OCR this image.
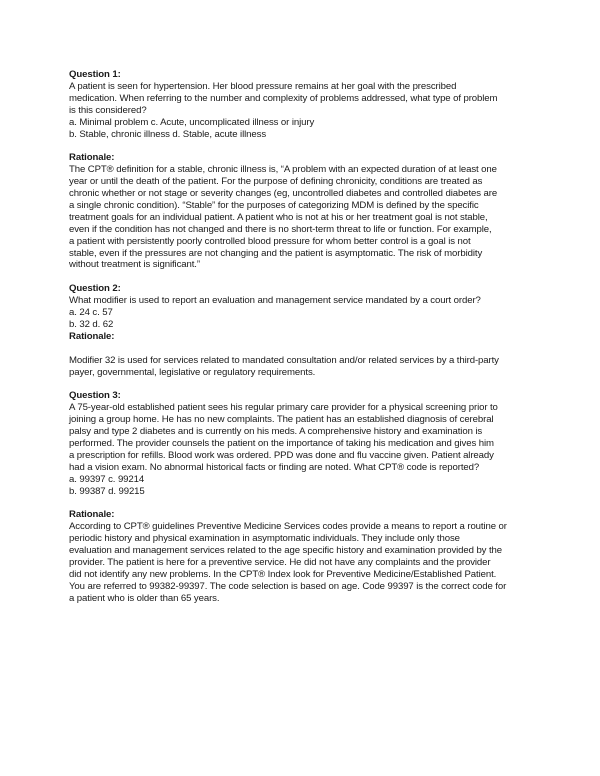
Question 1:

A patient is seen for hypertension. Her blood pressure remains at her goal with the prescribed

medication. When referring to the number and complexity of problems addressed, what type of problem

is this considered?

a. Minimal problem c. Acute, uncomplicated illness or injury

b. Stable, chronic illness d. Stable, acute illness

Rationale:

The CPT® definition for a stable, chronic illness is, “A problem with an expected duration of at least one

year or until the death of the patient. For the purpose of defining chronicity, conditions are treated as

chronic whether or not stage or severity changes (eg, uncontrolled diabetes and controlled diabetes are

a single chronic condition). “Stable” for the purposes of categorizing MDM is defined by the specific

treatment goals for an individual patient. A patient who is not at his or her treatment goal is not stable,

even if the condition has not changed and there is no short-term threat to life or function. For example,

a patient with persistently poorly controlled blood pressure for whom better control is a goal is not

stable, even if the pressures are not changing and the patient is asymptomatic. The risk of morbidity

without treatment is significant.”

Question 2:

What modifier is used to report an evaluation and management service mandated by a court order?

a. 24 c. 57

b. 32 d. 62

Rationale:

Modifier 32 is used for services related to mandated consultation and/or related services by a third-party

payer, governmental, legislative or regulatory requirements.

Question 3:

A 75-year-old established patient sees his regular primary care provider for a physical screening prior to

joining a group home. He has no new complaints. The patient has an established diagnosis of cerebral

palsy and type 2 diabetes and is currently on his meds. A comprehensive history and examination is

performed. The provider counsels the patient on the importance of taking his medication and gives him

a prescription for refills. Blood work was ordered. PPD was done and flu vaccine given. Patient already

had a vision exam. No abnormal historical facts or finding are noted. What CPT® code is reported?

a. 99397 c. 99214

b. 99387 d. 99215

Rationale:

According to CPT® guidelines Preventive Medicine Services codes provide a means to report a routine or

periodic history and physical examination in asymptomatic individuals. They include only those

evaluation and management services related to the age specific history and examination provided by the

provider. The patient is here for a preventive service. He did not have any complaints and the provider

did not identify any new problems. In the CPT® Index look for Preventive Medicine/Established Patient.

You are referred to 99382-99397. The code selection is based on age. Code 99397 is the correct code for

a patient who is older than 65 years.
